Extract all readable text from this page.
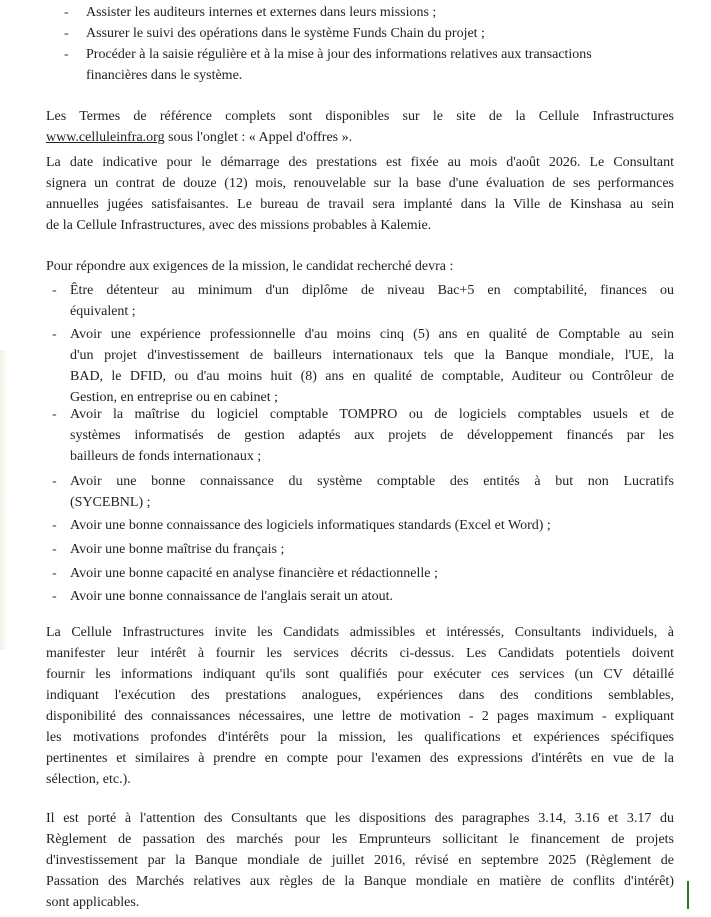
- Assister les auditeurs internes et externes dans leurs missions ;

- Assurer le suivi des opérations dans le système Funds Chain du projet ;

- Procéder à la saisie régulière et à la mise à jour des informations relatives aux transactions

financières dans le système.

Les Termes de référence complets sont disponibles sur le site de la Cellule Infrastructures

www.celluleinfra.org sous l'onglet : « Appel d'offres ».

La date indicative pour le démarrage des prestations est fixée au mois d'août 2026. Le Consultant

signera un contrat de douze (12) mois, renouvelable sur la base d'une évaluation de ses performances

annuelles jugées satisfaisantes. Le bureau de travail sera implanté dans la Ville de Kinshasa au sein

de la Cellule Infrastructures, avec des missions probables à Kalemie.

Pour répondre aux exigences de la mission, le candidat recherché devra :

- Être détenteur au minimum d'un diplôme de niveau Bac+5 en comptabilité, finances ou

équivalent ;

- Avoir une expérience professionnelle d'au moins cinq (5) ans en qualité de Comptable au sein

d'un projet d'investissement de bailleurs internationaux tels que la Banque mondiale, l'UE, la

BAD, le DFID, ou d'au moins huit (8) ans en qualité de comptable, Auditeur ou Contrôleur de

Gestion, en entreprise ou en cabinet ;

- Avoir la maîtrise du logiciel comptable TOMPRO ou de logiciels comptables usuels et de

systèmes informatisés de gestion adaptés aux projets de développement financés par les

bailleurs de fonds internationaux ;

- Avoir une bonne connaissance du système comptable des entités à but non Lucratifs

(SYCEBNL) ;

- Avoir une bonne connaissance des logiciels informatiques standards (Excel et Word) ;

- Avoir une bonne maîtrise du français ;

- Avoir une bonne capacité en analyse financière et rédactionnelle ;

- Avoir une bonne connaissance de l'anglais serait un atout.

La Cellule Infrastructures invite les Candidats admissibles et intéressés, Consultants individuels, à

manifester leur intérêt à fournir les services décrits ci-dessus. Les Candidats potentiels doivent

fournir les informations indiquant qu'ils sont qualifiés pour exécuter ces services (un CV détaillé

indiquant l'exécution des prestations analogues, expériences dans des conditions semblables,

disponibilité des connaissances nécessaires, une lettre de motivation - 2 pages maximum - expliquant

les motivations profondes d'intérêts pour la mission, les qualifications et expériences spécifiques

pertinentes et similaires à prendre en compte pour l'examen des expressions d'intérêts en vue de la

sélection, etc.).

Il est porté à l'attention des Consultants que les dispositions des paragraphes 3.14, 3.16 et 3.17 du

Règlement de passation des marchés pour les Emprunteurs sollicitant le financement de projets

d'investissement par la Banque mondiale de juillet 2016, révisé en septembre 2025 (Règlement de

Passation des Marchés relatives aux règles de la Banque mondiale en matière de conflits d'intérêt)

sont applicables.
